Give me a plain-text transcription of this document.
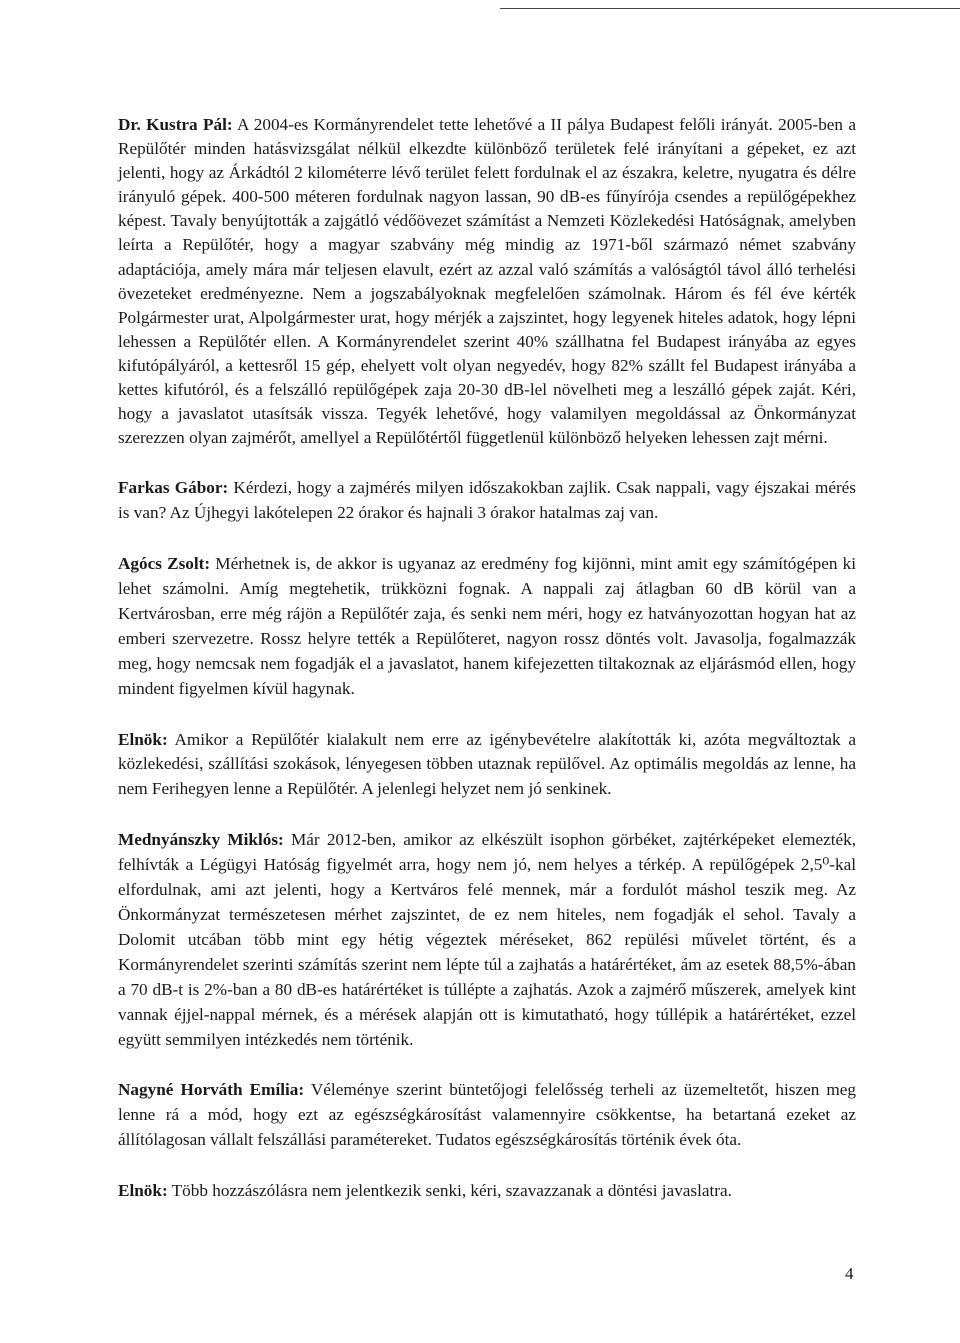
Dr. Kustra Pál: A 2004-es Kormányrendelet tette lehetővé a II pálya Budapest felőli irányát. 2005-ben a Repülőtér minden hatásvizsgálat nélkül elkezdte különböző területek felé irányítani a gépeket, ez azt jelenti, hogy az Árkádtól 2 kilométerre lévő terület felett fordulnak el az északra, keletre, nyugatra és délre irányuló gépek. 400-500 méteren fordulnak nagyon lassan, 90 dB-es fűnyírója csendes a repülőgépekhez képest. Tavaly benyújtották a zajgátló védőövezet számítást a Nemzeti Közlekedési Hatóságnak, amelyben leírta a Repülőtér, hogy a magyar szabvány még mindig az 1971-ből származó német szabvány adaptációja, amely mára már teljesen elavult, ezért az azzal való számítás a valóságtól távol álló terhelési övezeteket eredményezne. Nem a jogszabályoknak megfelelően számolnak. Három és fél éve kérték Polgármester urat, Alpolgármester urat, hogy mérjék a zajszintet, hogy legyenek hiteles adatok, hogy lépni lehessen a Repülőtér ellen. A Kormányrendelet szerint 40% szállhatna fel Budapest irányába az egyes kifutópályáról, a kettesről 15 gép, ehelyett volt olyan negyedév, hogy 82% szállt fel Budapest irányába a kettes kifutóról, és a felszálló repülőgépek zaja 20-30 dB-lel növelheti meg a leszálló gépek zaját. Kéri, hogy a javaslatot utasítsák vissza. Tegyék lehetővé, hogy valamilyen megoldással az Önkormányzat szerezzen olyan zajmérőt, amellyel a Repülőtértől függetlenül különböző helyeken lehessen zajt mérni.

Farkas Gábor: Kérdezi, hogy a zajmérés milyen időszakokban zajlik. Csak nappali, vagy éjszakai mérés is van? Az Újhegyi lakótelepen 22 órakor és hajnali 3 órakor hatalmas zaj van.

Agócs Zsolt: Mérhetnek is, de akkor is ugyanaz az eredmény fog kijönni, mint amit egy számítógépen ki lehet számolni. Amíg megtehetik, trükközni fognak. A nappali zaj átlagban 60 dB körül van a Kertvárosban, erre még rájön a Repülőtér zaja, és senki nem méri, hogy ez hatványozottan hogyan hat az emberi szervezetre. Rossz helyre tették a Repülőteret, nagyon rossz döntés volt. Javasolja, fogalmazzák meg, hogy nemcsak nem fogadják el a javaslatot, hanem kifejezetten tiltakoznak az eljárásmód ellen, hogy mindent figyelmen kívül hagynak.

Elnök: Amikor a Repülőtér kialakult nem erre az igénybevételre alakították ki, azóta megváltoztak a közlekedési, szállítási szokások, lényegesen többen utaznak repülővel. Az optimális megoldás az lenne, ha nem Ferihegyen lenne a Repülőtér. A jelenlegi helyzet nem jó senkinek.

Mednyánszky Miklós: Már 2012-ben, amikor az elkészült isophon görbéket, zajtérképeket elemezték, felhívták a Légügyi Hatóság figyelmét arra, hogy nem jó, nem helyes a térkép. A repülőgépek 2,5⁰-kal elfordulnak, ami azt jelenti, hogy a Kertváros felé mennek, már a fordulót máshol teszik meg. Az Önkormányzat természetesen mérhet zajszintet, de ez nem hiteles, nem fogadják el sehol. Tavaly a Dolomit utcában több mint egy hétig végeztek méréseket, 862 repülési művelet történt, és a Kormányrendelet szerinti számítás szerint nem lépte túl a zajhatás a határértéket, ám az esetek 88,5%-ában a 70 dB-t is 2%-ban a 80 dB-es határértéket is túllépte a zajhatás. Azok a zajmérő műszerek, amelyek kint vannak éjjel-nappal mérnek, és a mérések alapján ott is kimutatható, hogy túllépik a határértéket, ezzel együtt semmilyen intézkedés nem történik.

Nagyné Horváth Emília: Véleménye szerint büntetőjogi felelősség terheli az üzemeltetőt, hiszen meg lenne rá a mód, hogy ezt az egészségkárosítást valamennyire csökkentse, ha betartaná ezeket az állítólagosan vállalt felszállási paramétereket. Tudatos egészségkárosítás történik évek óta.

Elnök: Több hozzászólásra nem jelentkezik senki, kéri, szavazzanak a döntési javaslatra.

4
